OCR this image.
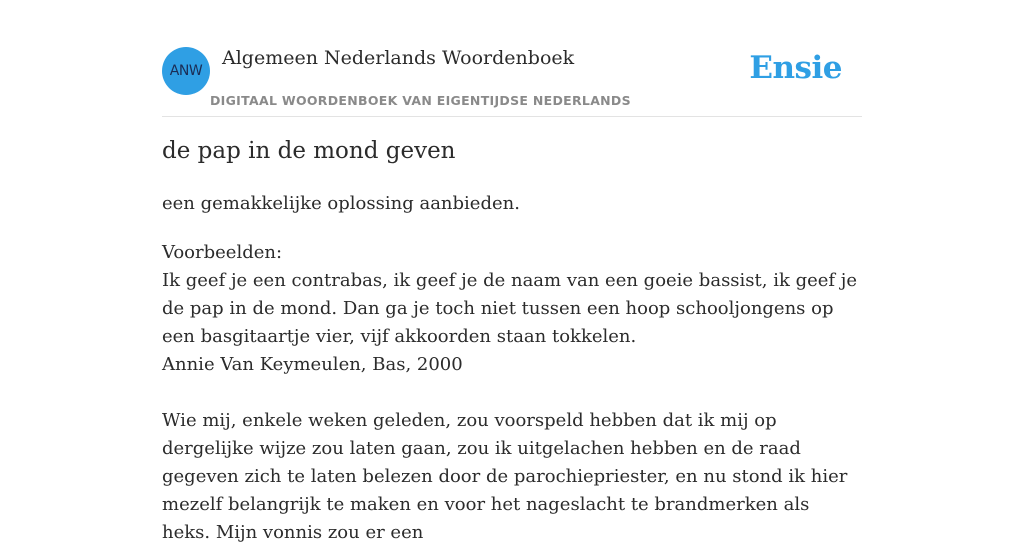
ANW
Algemeen Nederlands Woordenboek
DIGITAAL WOORDENBOEK VAN EIGENTIJDSE NEDERLANDS
Ensie
de pap in de mond geven
een gemakkelijke oplossing aanbieden.

Voorbeelden:

Ik geef je een contrabas, ik geef je de naam van een goeie bassist, ik geef je de pap in de mond. Dan ga je toch niet tussen een hoop schooljongens op een basgitaartje vier, vijf akkoorden staan tokkelen.

Annie Van Keymeulen, Bas, 2000

Wie mij, enkele weken geleden, zou voorspeld hebben dat ik mij op dergelijke wijze zou laten gaan, zou ik uitgelachen hebben en de raad gegeven zich te laten belezen door de parochiepriester, en nu stond ik hier mezelf belangrijk te maken en voor het nageslacht te brandmerken als heks. Mijn vonnis zou er een
